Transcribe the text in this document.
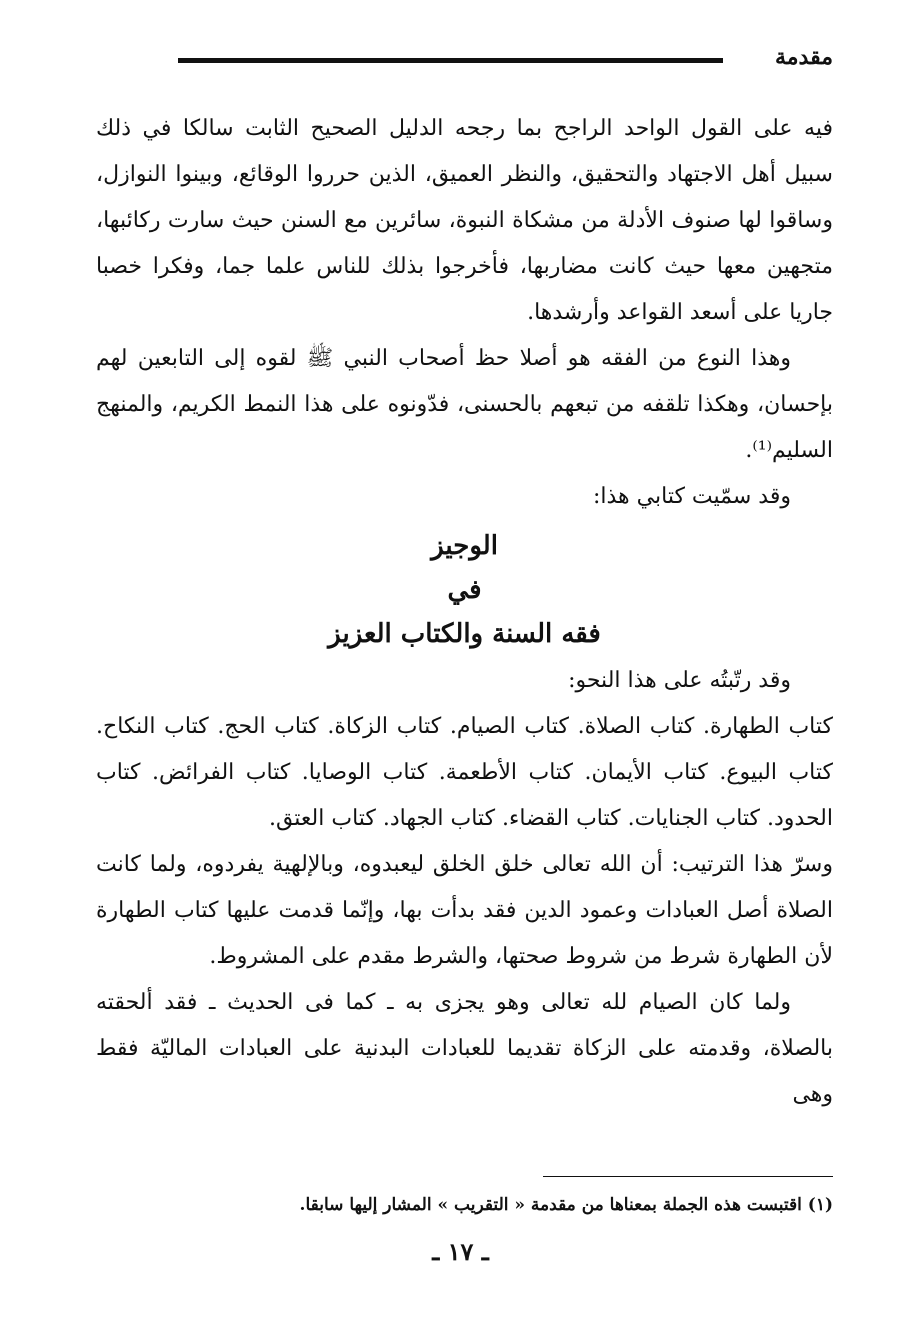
مقدمة

فيه على القول الواحد الراجح بما رجحه الدليل الصحيح الثابت سالكا في ذلك سبيل أهل الاجتهاد والتحقيق، والنظر العميق، الذين حرروا الوقائع، وبينوا النوازل، وساقوا لها صنوف الأدلة من مشكاة النبوة، سائرين مع السنن حيث سارت ركائبها، متجهين معها حيث كانت مضاربها، فأخرجوا بذلك للناس علما جما، وفكرا خصبا جاريا على أسعد القواعد وأرشدها.

وهذا النوع من الفقه هو أصلا حظ أصحاب النبي ﷺ لقوه إلى التابعين لهم بإحسان، وهكذا تلقفه من تبعهم بالحسنى، فدّونوه على هذا النمط الكريم، والمنهج السليم⁽¹⁾.

وقد سمّيت كتابي هذا:

الوجيز
في
فقه السنة والكتاب العزيز

وقد رتّبتُه على هذا النحو:

كتاب الطهارة. كتاب الصلاة. كتاب الصيام. كتاب الزكاة. كتاب الحج. كتاب النكاح. كتاب البيوع. كتاب الأيمان. كتاب الأطعمة. كتاب الوصايا. كتاب الفرائض. كتاب الحدود. كتاب الجنايات. كتاب القضاء. كتاب الجهاد. كتاب العتق.

وسرّ هذا الترتيب: أن الله تعالى خلق الخلق ليعبدوه، وبالإلهية يفردوه، ولما كانت الصلاة أصل العبادات وعمود الدين فقد بدأت بها، وإنّما قدمت عليها كتاب الطهارة لأن الطهارة شرط من شروط صحتها، والشرط مقدم على المشروط.

ولما كان الصيام لله تعالى وهو يجزى به ـ كما فى الحديث ـ فقد ألحقته بالصلاة، وقدمته على الزكاة تقديما للعبادات البدنية على العبادات الماليّة فقط وهى

(١) اقتبست هذه الجملة بمعناها من مقدمة « التقريب » المشار إليها سابقا.
ـ ١٧ ـ
